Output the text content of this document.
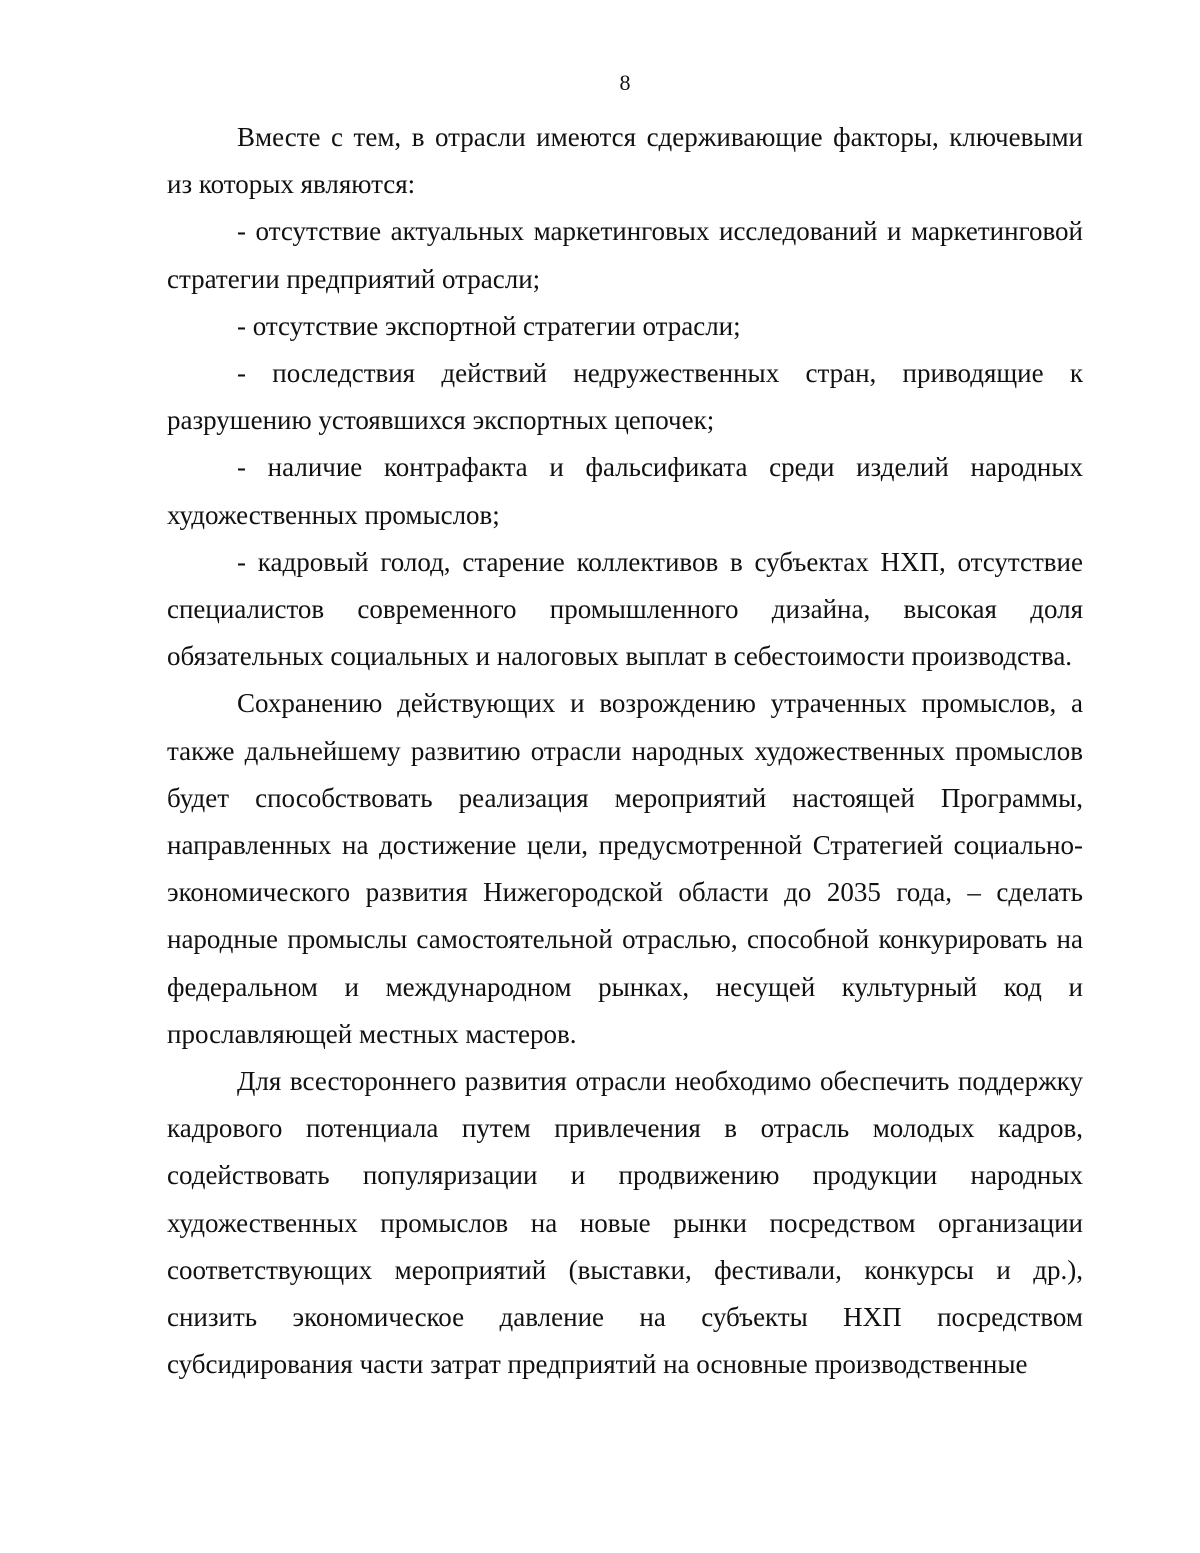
8

Вместе с тем, в отрасли имеются сдерживающие факторы, ключевыми из которых являются:

- отсутствие актуальных маркетинговых исследований и маркетинговой стратегии предприятий отрасли;

- отсутствие экспортной стратегии отрасли;

- последствия действий недружественных стран, приводящие к разрушению устоявшихся экспортных цепочек;

- наличие контрафакта и фальсификата среди изделий народных художественных промыслов;

- кадровый голод, старение коллективов в субъектах НХП, отсутствие специалистов современного промышленного дизайна, высокая доля обязательных социальных и налоговых выплат в себестоимости производства.

Сохранению действующих и возрождению утраченных промыслов, а также дальнейшему развитию отрасли народных художественных промыслов будет способствовать реализация мероприятий настоящей Программы, направленных на достижение цели, предусмотренной Стратегией социально-экономического развития Нижегородской области до 2035 года, – сделать народные промыслы самостоятельной отраслью, способной конкурировать на федеральном и международном рынках, несущей культурный код и прославляющей местных мастеров.

Для всестороннего развития отрасли необходимо обеспечить поддержку кадрового потенциала путем привлечения в отрасль молодых кадров, содействовать популяризации и продвижению продукции народных художественных промыслов на новые рынки посредством организации соответствующих мероприятий (выставки, фестивали, конкурсы и др.), снизить экономическое давление на субъекты НХП посредством субсидирования части затрат предприятий на основные производственные
